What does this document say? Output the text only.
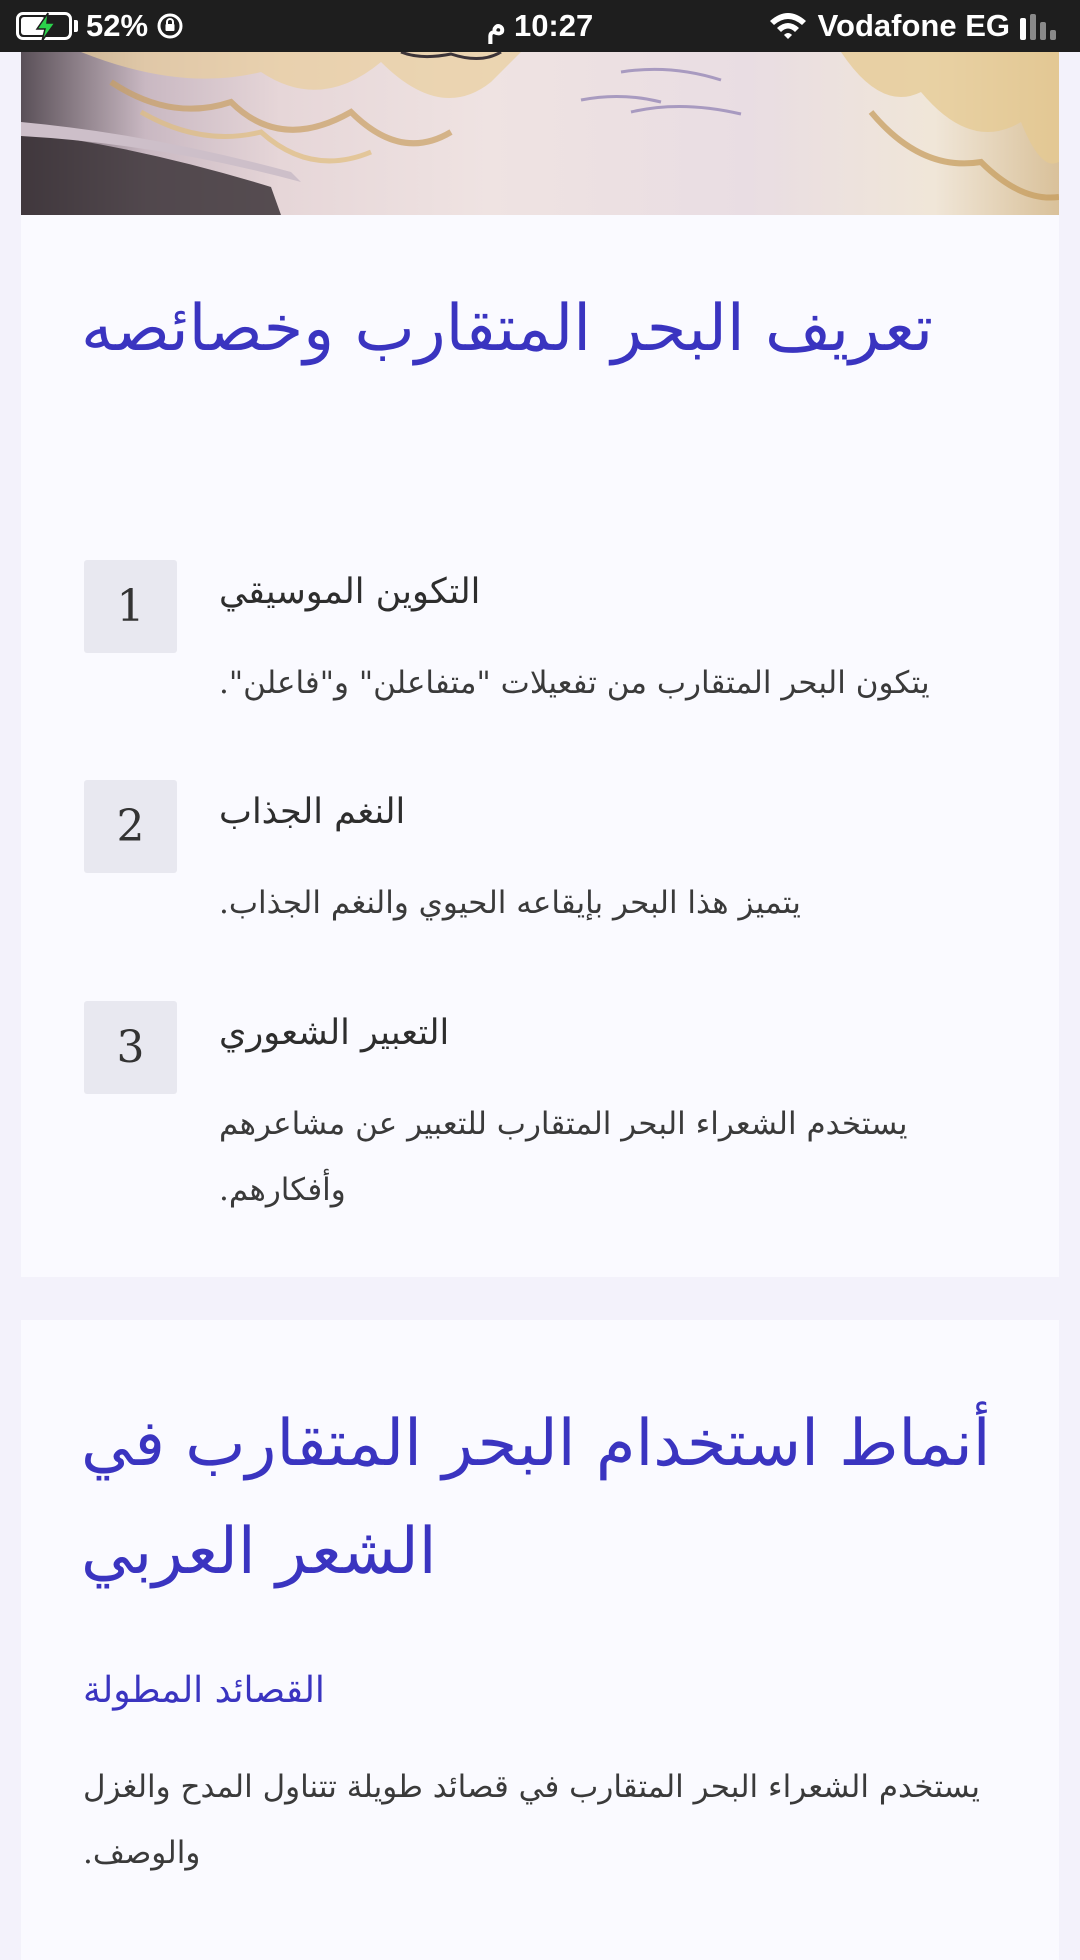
52%	م 10:27	Vodafone EG
تعريف البحر المتقارب وخصائصه
1	التكوين الموسيقي
يتكون البحر المتقارب من تفعيلات "متفاعلن" و"فاعلن".
2	النغم الجذاب
يتميز هذا البحر بإيقاعه الحيوي والنغم الجذاب.
3	التعبير الشعوري
يستخدم الشعراء البحر المتقارب للتعبير عن مشاعرهم وأفكارهم.
أنماط استخدام البحر المتقارب في الشعر العربي
القصائد المطولة
يستخدم الشعراء البحر المتقارب في قصائد طويلة تتناول المدح والغزل والوصف.
